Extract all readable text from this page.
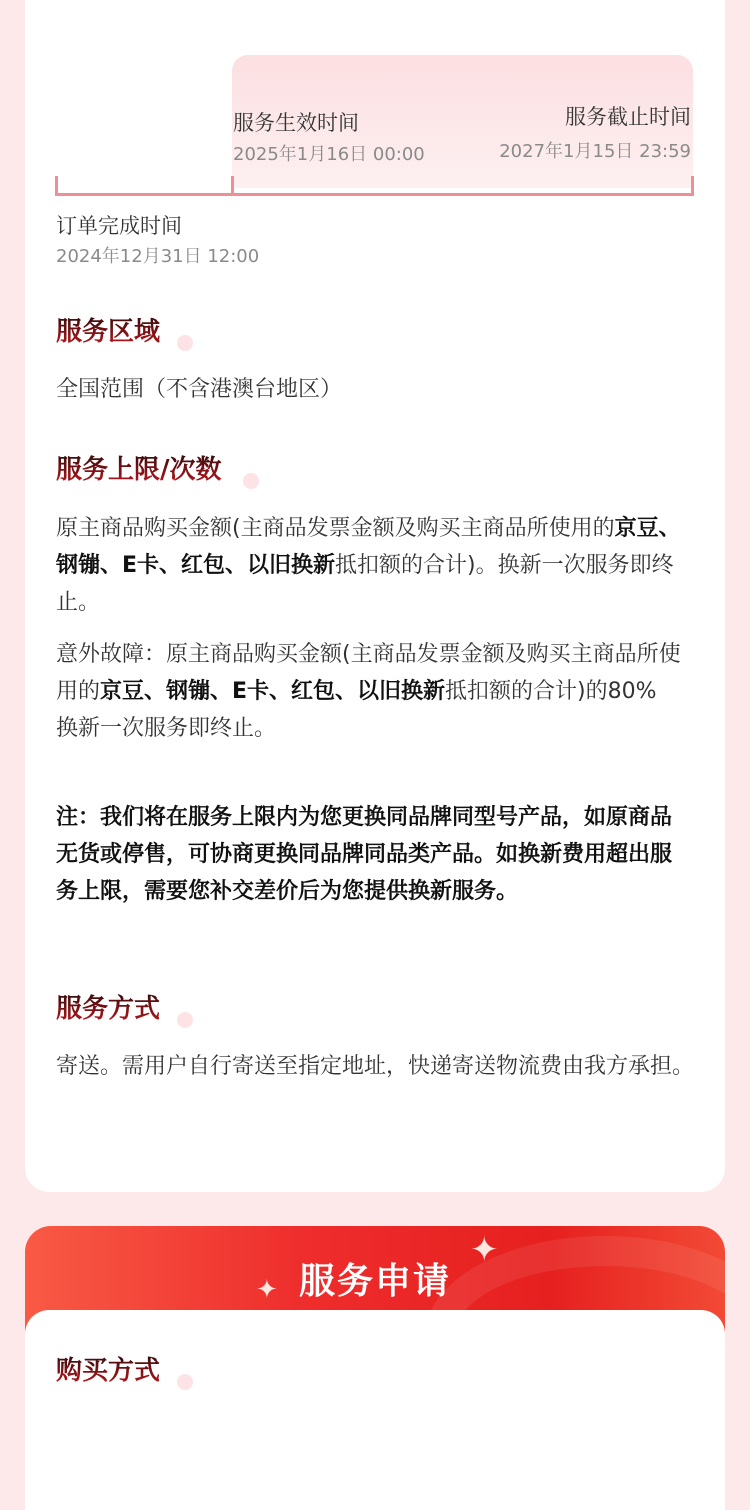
服务生效时间
2025年1月16日 00:00
服务截止时间
2027年1月15日 23:59
订单完成时间
2024年12月31日 12:00
服务区域
全国范围（不含港澳台地区）
服务上限/次数
原主商品购买金额(主商品发票金额及购买主商品所使用的京豆、钢镚、E卡、红包、以旧换新抵扣额的合计)。换新一次服务即终止。
意外故障：原主商品购买金额(主商品发票金额及购买主商品所使用的京豆、钢镚、E卡、红包、以旧换新抵扣额的合计)的80%
换新一次服务即终止。
注：我们将在服务上限内为您更换同品牌同型号产品，如原商品无货或停售，可协商更换同品牌同品类产品。如换新费用超出服务上限，需要您补交差价后为您提供换新服务。
服务方式
寄送。需用户自行寄送至指定地址，快递寄送物流费由我方承担。
✦
✦ 服务申请
购买方式
